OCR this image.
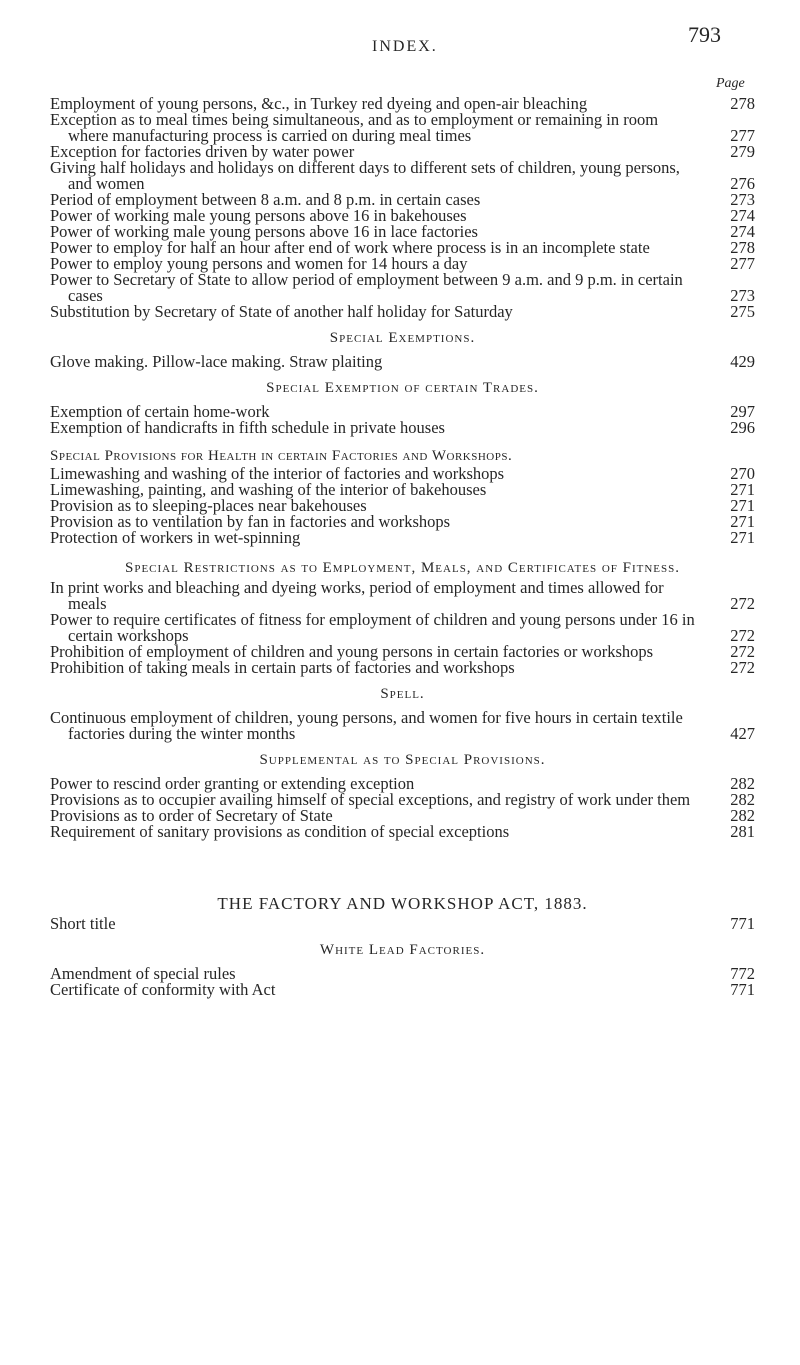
793
INDEX.
Page
Employment of young persons, &c., in Turkey red dyeing and open-air bleaching	278
Exception as to meal times being simultaneous, and as to employment or remaining in room where manufacturing process is carried on during meal times	277
Exception for factories driven by water power	279
Giving half holidays and holidays on different days to different sets of children, young persons, and women	276
Period of employment between 8 a.m. and 8 p.m. in certain cases	273
Power of working male young persons above 16 in bakehouses	274
Power of working male young persons above 16 in lace factories	274
Power to employ for half an hour after end of work where process is in an incomplete state	278
Power to employ young persons and women for 14 hours a day	277
Power to Secretary of State to allow period of employment between 9 a.m. and 9 p.m. in certain cases	273
Substitution by Secretary of State of another half holiday for Saturday	275
Special Exemptions.
Glove making. Pillow-lace making. Straw plaiting	429
Special Exemption of certain Trades.
Exemption of certain home-work	297
Exemption of handicrafts in fifth schedule in private houses	296
Special Provisions for Health in certain Factories and Workshops.
Limewashing and washing of the interior of factories and workshops	270
Limewashing, painting, and washing of the interior of bakehouses	271
Provision as to sleeping-places near bakehouses	271
Provision as to ventilation by fan in factories and workshops	271
Protection of workers in wet-spinning	271
Special Restrictions as to Employment, Meals, and Certificates of Fitness.
In print works and bleaching and dyeing works, period of employment and times allowed for meals	272
Power to require certificates of fitness for employment of children and young persons under 16 in certain workshops	272
Prohibition of employment of children and young persons in certain factories or workshops	272
Prohibition of taking meals in certain parts of factories and workshops	272
Spell.
Continuous employment of children, young persons, and women for five hours in certain textile factories during the winter months	427
Supplemental as to Special Provisions.
Power to rescind order granting or extending exception	282
Provisions as to occupier availing himself of special exceptions, and registry of work under them	282
Provisions as to order of Secretary of State	282
Requirement of sanitary provisions as condition of special exceptions	281
THE FACTORY AND WORKSHOP ACT, 1883.
Short title	771
White Lead Factories.
Amendment of special rules	772
Certificate of conformity with Act	771
